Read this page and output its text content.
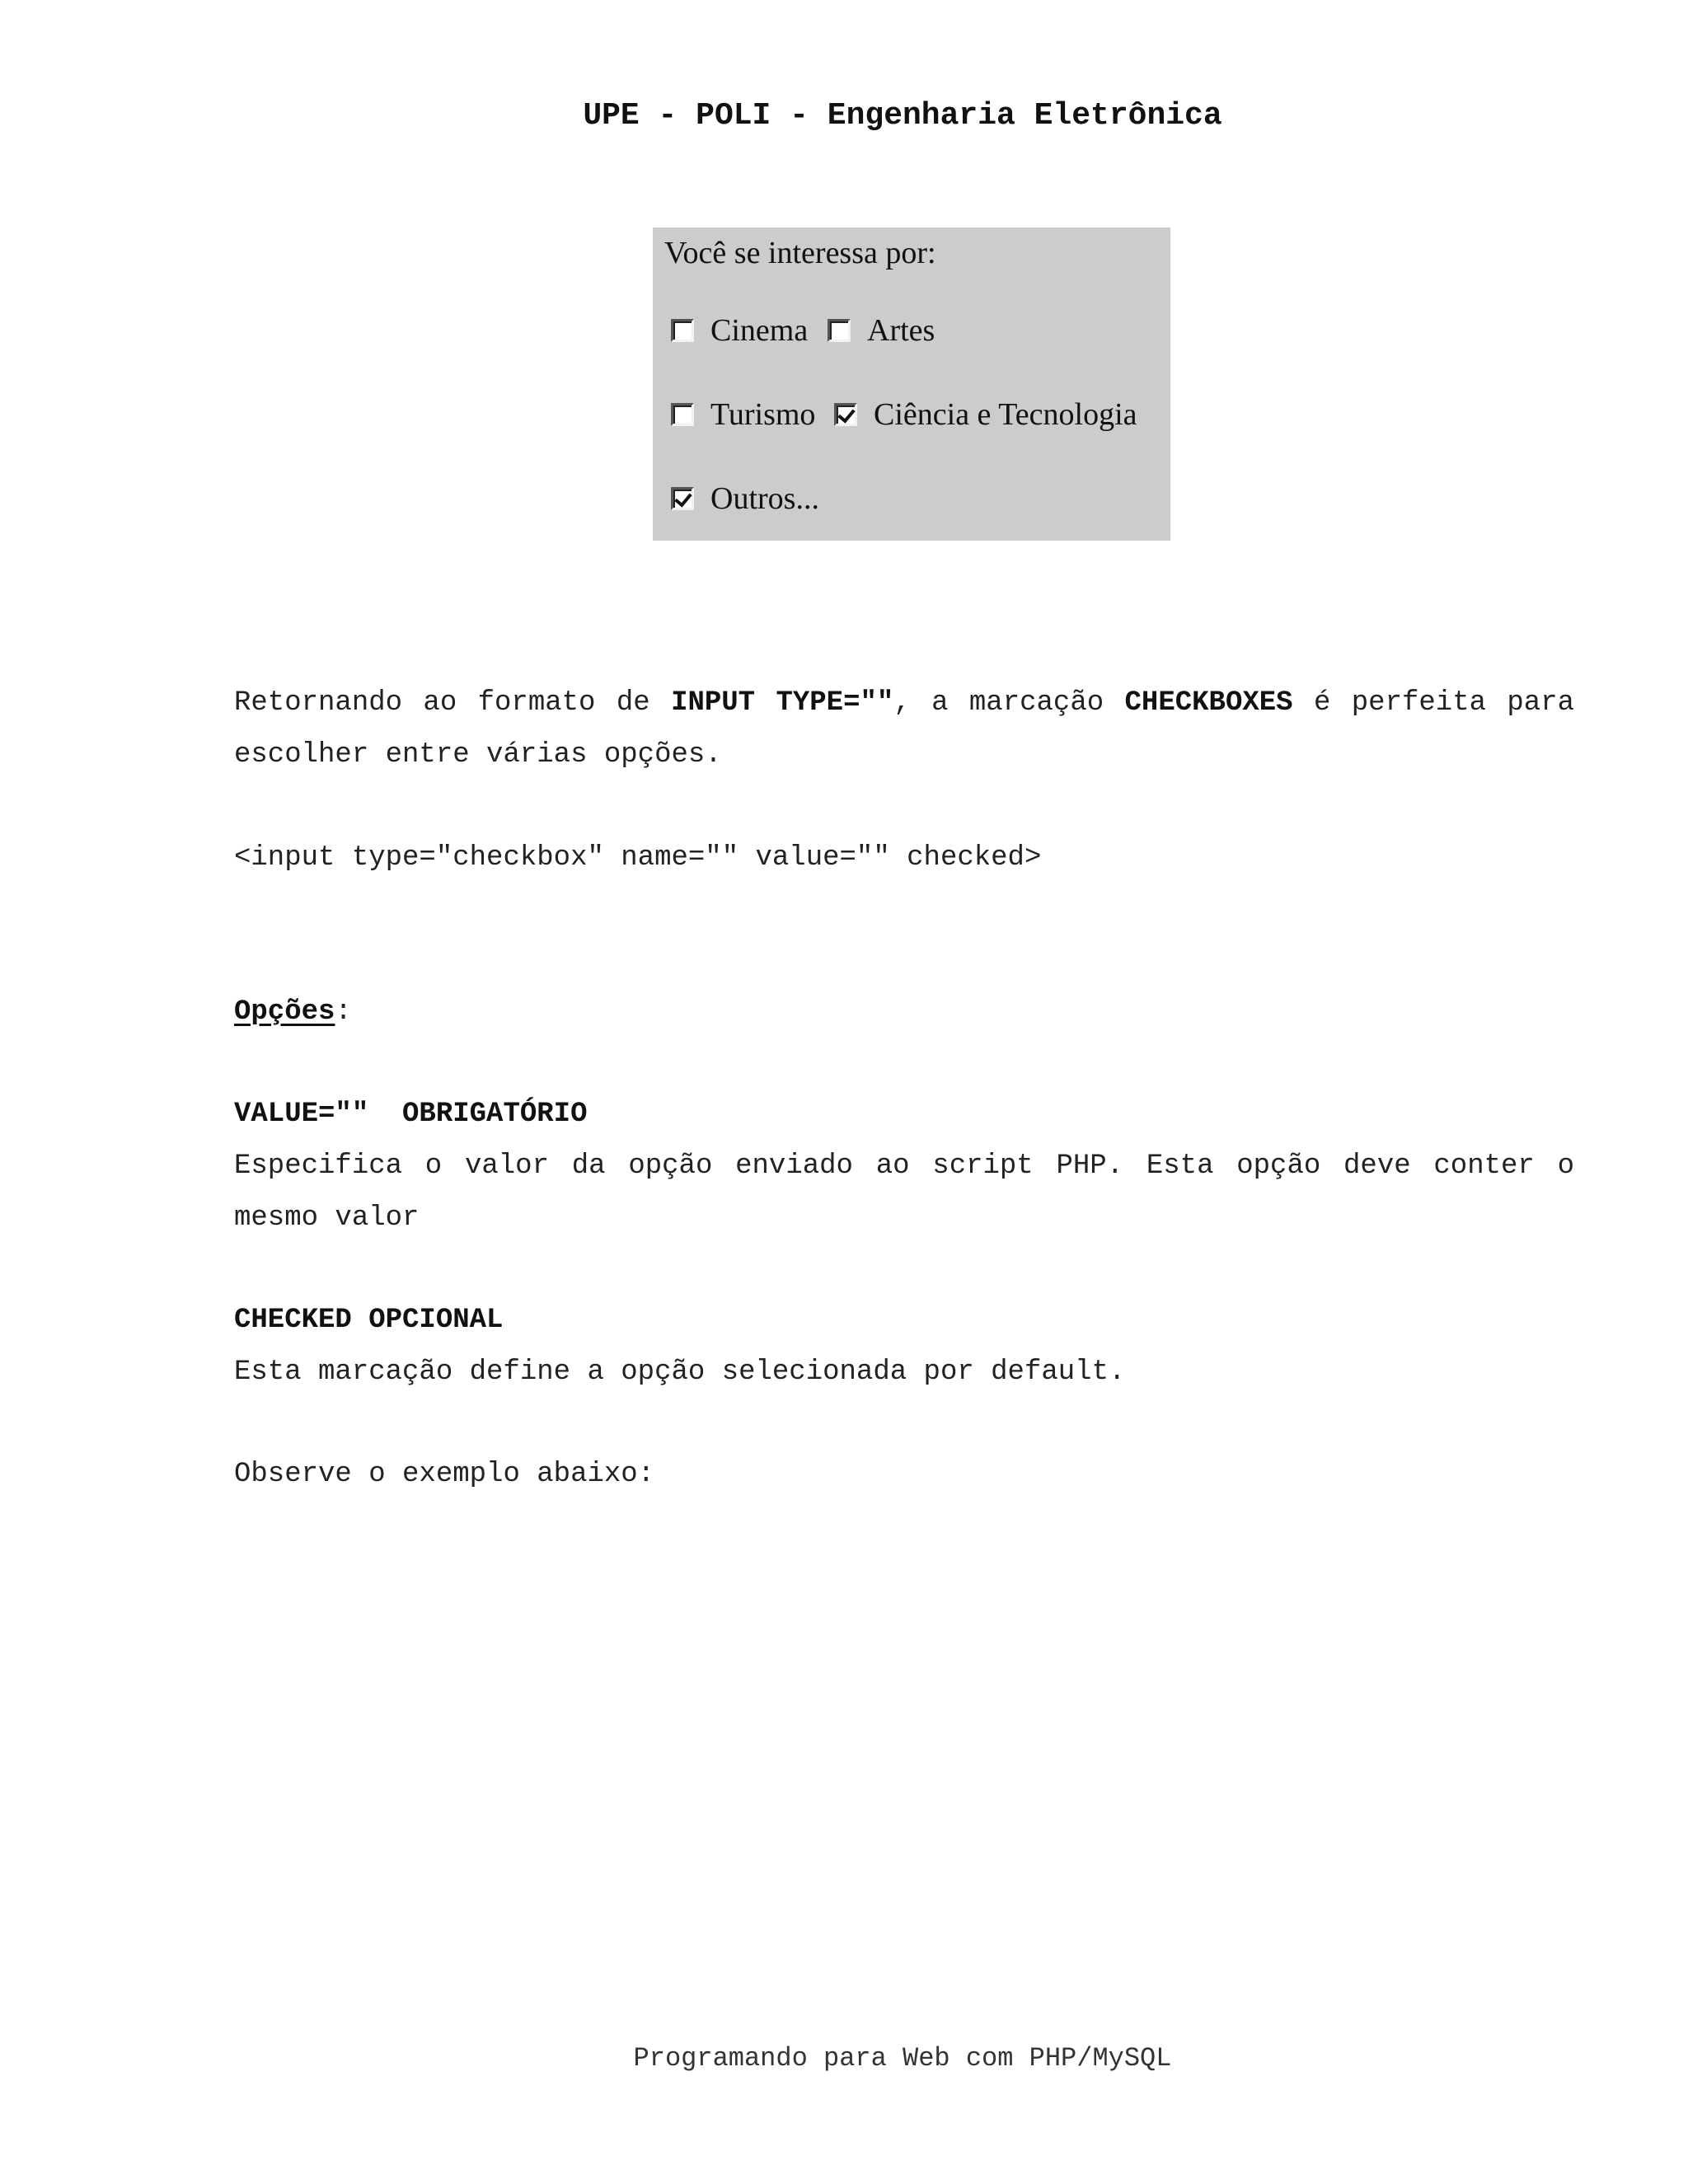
UPE - POLI - Engenharia Eletrônica
Você se interessa por:
Cinema Artes
Turismo Ciência e Tecnologia
Outros...
Retornando ao formato de INPUT TYPE="", a marcação CHECKBOXES é perfeita para escolher entre várias opções.
<input type="checkbox" name="" value="" checked>
Opções:
VALUE=""  OBRIGATÓRIO
Especifica o valor da opção enviado ao script PHP. Esta opção deve conter o mesmo valor
CHECKED OPCIONAL
Esta marcação define a opção selecionada por default.
Observe o exemplo abaixo:
Programando para Web com PHP/MySQL
